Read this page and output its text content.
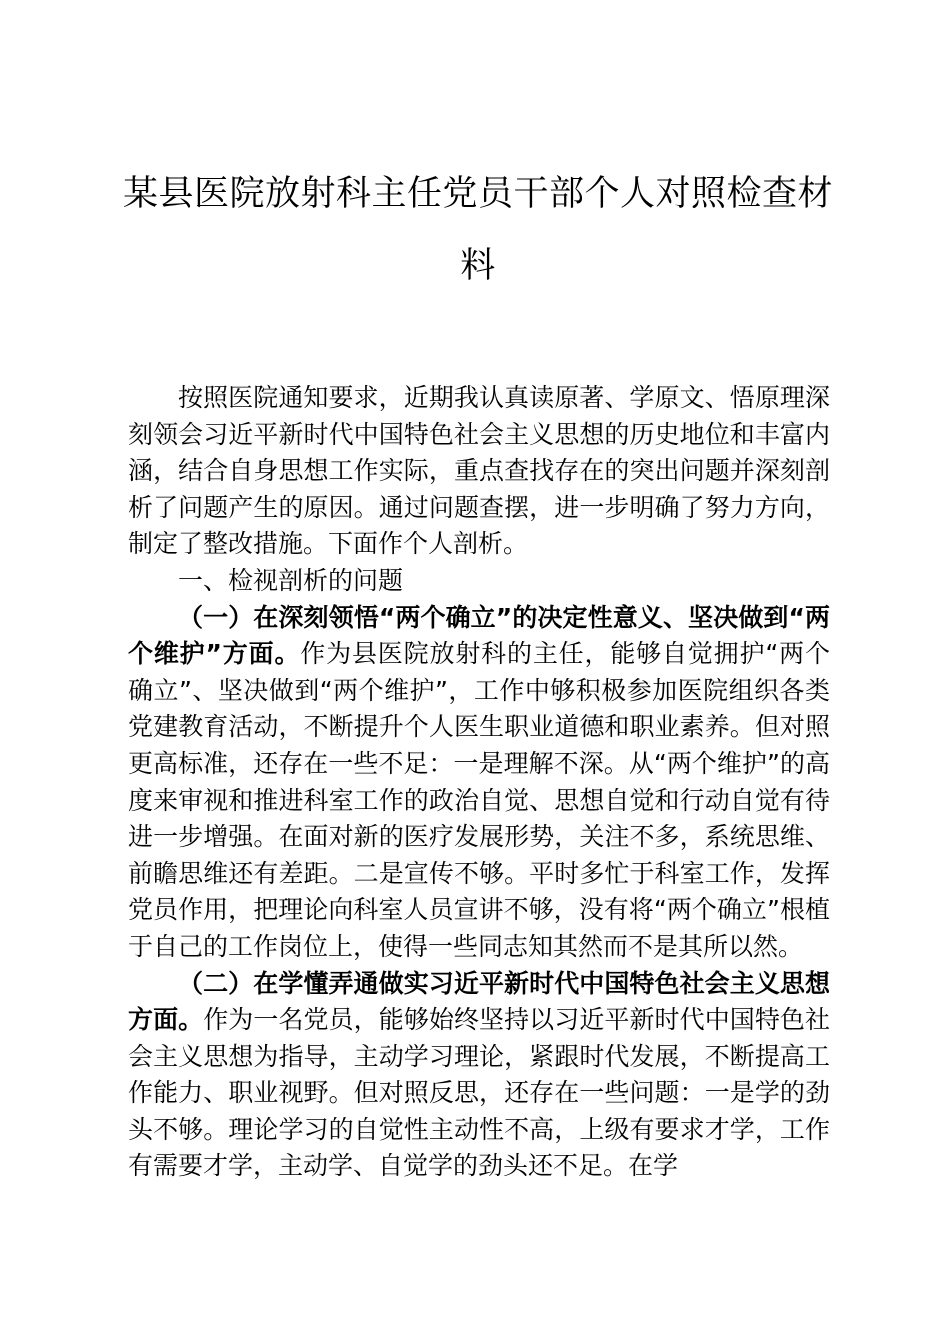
某县医院放射科主任党员干部个人对照检查材料

按照医院通知要求，近期我认真读原著、学原文、悟原理深刻领会习近平新时代中国特色社会主义思想的历史地位和丰富内涵，结合自身思想工作实际，重点查找存在的突出问题并深刻剖析了问题产生的原因。通过问题查摆，进一步明确了努力方向，制定了整改措施。下面作个人剖析。

一、检视剖析的问题

（一）在深刻领悟“两个确立”的决定性意义、坚决做到“两个维护”方面。作为县医院放射科的主任，能够自觉拥护“两个确立”、坚决做到“两个维护”，工作中够积极参加医院组织各类党建教育活动，不断提升个人医生职业道德和职业素养。但对照更高标准，还存在一些不足：一是理解不深。从“两个维护”的高度来审视和推进科室工作的政治自觉、思想自觉和行动自觉有待进一步增强。在面对新的医疗发展形势，关注不多，系统思维、前瞻思维还有差距。二是宣传不够。平时多忙于科室工作，发挥党员作用，把理论向科室人员宣讲不够，没有将“两个确立”根植于自己的工作岗位上，使得一些同志知其然而不是其所以然。

（二）在学懂弄通做实习近平新时代中国特色社会主义思想方面。作为一名党员，能够始终坚持以习近平新时代中国特色社会主义思想为指导，主动学习理论，紧跟时代发展，不断提高工作能力、职业视野。但对照反思，还存在一些问题：一是学的劲头不够。理论学习的自觉性主动性不高，上级有要求才学，工作有需要才学，主动学、自觉学的劲头还不足。在学
